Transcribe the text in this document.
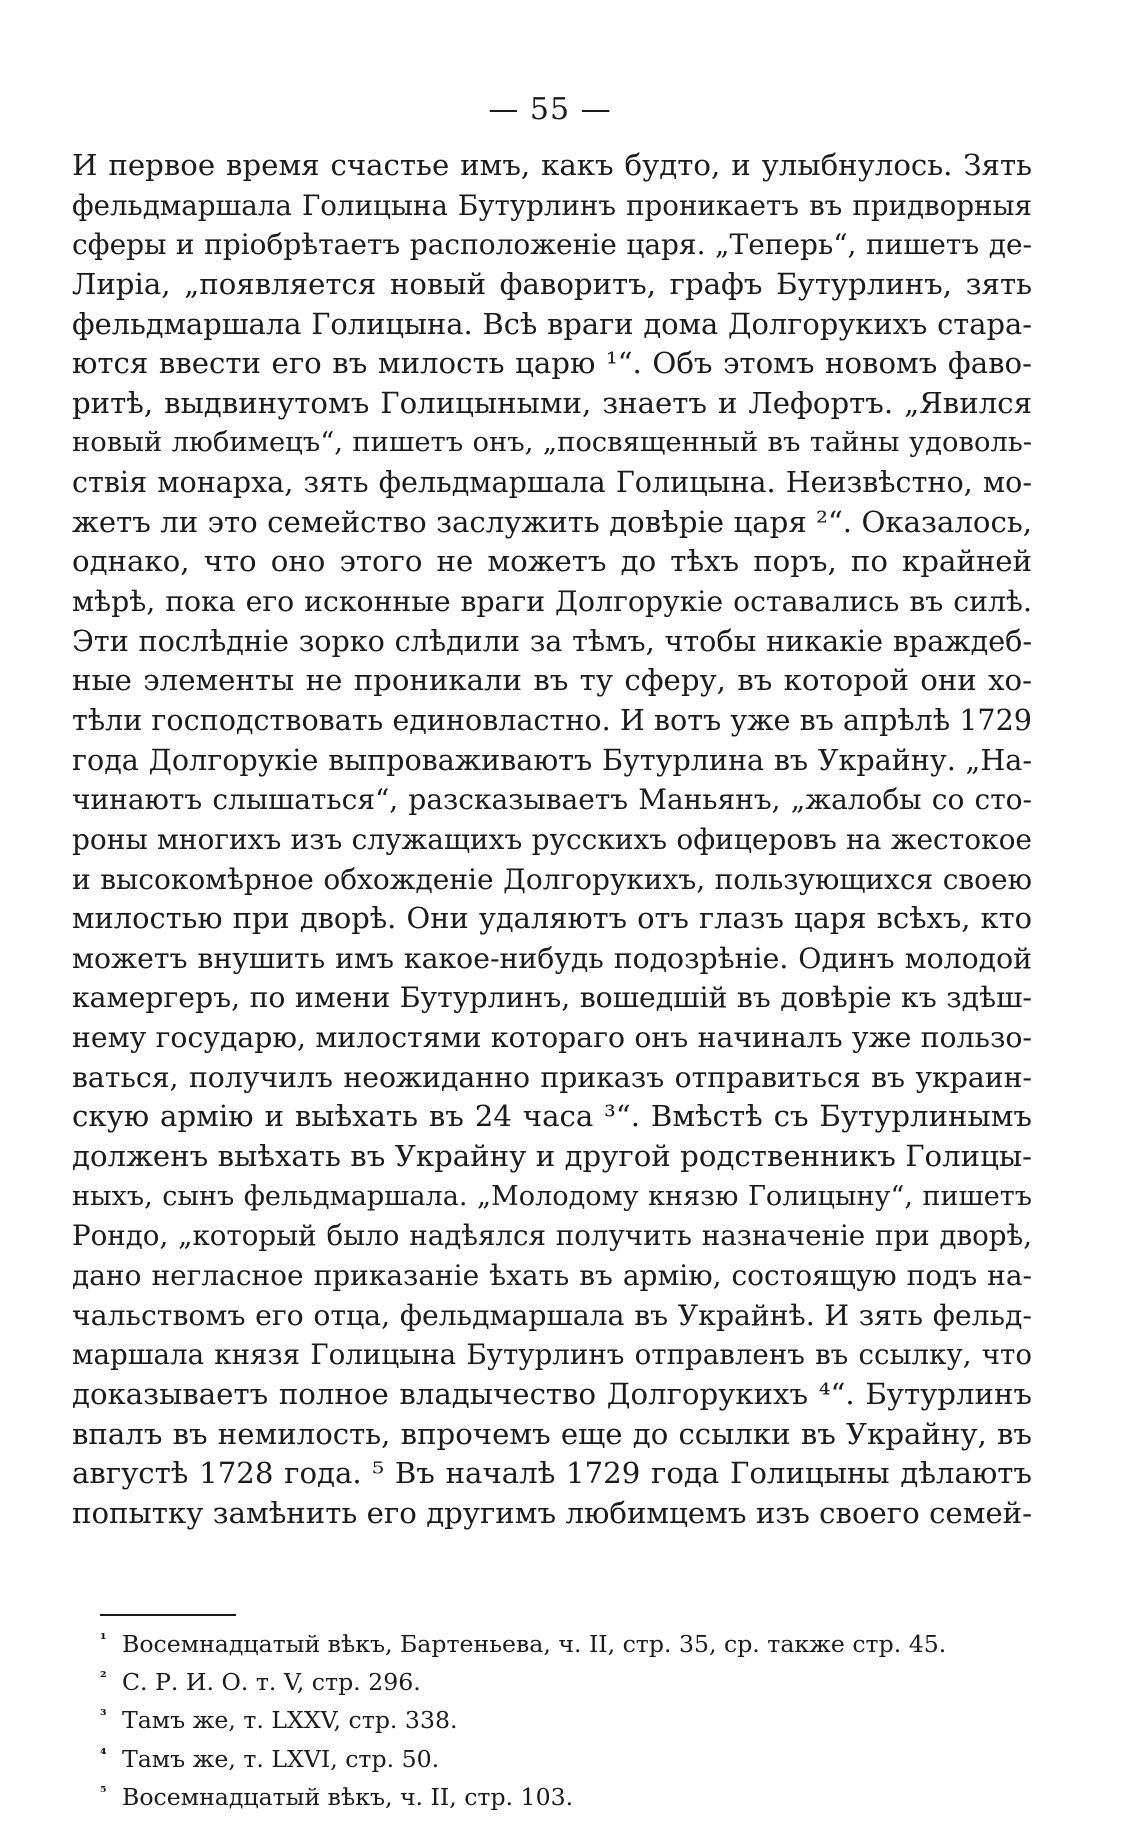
— 55 —
И первое время счастье имъ, какъ будто, и улыбнулось. Зять
фельдмаршала Голицына Бутурлинъ проникаетъ въ придворныя
сферы и пріобрѣтаетъ расположеніе царя. „Теперь“, пишетъ де-
Лиріа, „появляется новый фаворитъ, графъ Бутурлинъ, зять
фельдмаршала Голицына. Всѣ враги дома Долгорукихъ стара-
ются ввести его въ милость царю ¹“. Объ этомъ новомъ фаво-
ритѣ, выдвинутомъ Голицыными, знаетъ и Лефортъ. „Явился
новый любимецъ“, пишетъ онъ, „посвященный въ тайны удоволь-
ствія монарха, зять фельдмаршала Голицына. Неизвѣстно, мо-
жетъ ли это семейство заслужить довѣріе царя ²“. Оказалось,
однако, что оно этого не можетъ до тѣхъ поръ, по крайней
мѣрѣ, пока его исконные враги Долгорукіе оставались въ силѣ.
Эти послѣдніе зорко слѣдили за тѣмъ, чтобы никакіе враждеб-
ные элементы не проникали въ ту сферу, въ которой они хо-
тѣли господствовать единовластно. И вотъ уже въ апрѣлѣ 1729
года Долгорукіе выпроваживаютъ Бутурлина въ Украйну. „На-
чинаютъ слышаться“, разсказываетъ Маньянъ, „жалобы со сто-
роны многихъ изъ служащихъ русскихъ офицеровъ на жестокое
и высокомѣрное обхожденіе Долгорукихъ, пользующихся своею
милостью при дворѣ. Они удаляютъ отъ глазъ царя всѣхъ, кто
можетъ внушить имъ какое-нибудь подозрѣніе. Одинъ молодой
камергеръ, по имени Бутурлинъ, вошедшій въ довѣріе къ здѣш-
нему государю, милостями котораго онъ начиналъ уже пользо-
ваться, получилъ неожиданно приказъ отправиться въ украин-
скую армію и выѣхать въ 24 часа ³“. Вмѣстѣ съ Бутурлинымъ
долженъ выѣхать въ Украйну и другой родственникъ Голицы-
ныхъ, сынъ фельдмаршала. „Молодому князю Голицыну“, пишетъ
Рондо, „который было надѣялся получить назначеніе при дворѣ,
дано негласное приказаніе ѣхать въ армію, состоящую подъ на-
чальствомъ его отца, фельдмаршала въ Украйнѣ. И зять фельд-
маршала князя Голицына Бутурлинъ отправленъ въ ссылку, что
доказываетъ полное владычество Долгорукихъ ⁴“. Бутурлинъ
впалъ въ немилость, впрочемъ еще до ссылки въ Украйну, въ
августѣ 1728 года. ⁵ Въ началѣ 1729 года Голицыны дѣлаютъ
попытку замѣнить его другимъ любимцемъ изъ своего семей-
¹ Восемнадцатый вѣкъ, Бартеньева, ч. II, стр. 35, ср. также стр. 45.
² С. Р. И. О. т. V, стр. 296.
³ Тамъ же, т. LXXV, стр. 338.
⁴ Тамъ же, т. LXVI, стр. 50.
⁵ Восемнадцатый вѣкъ, ч. II, стр. 103.
